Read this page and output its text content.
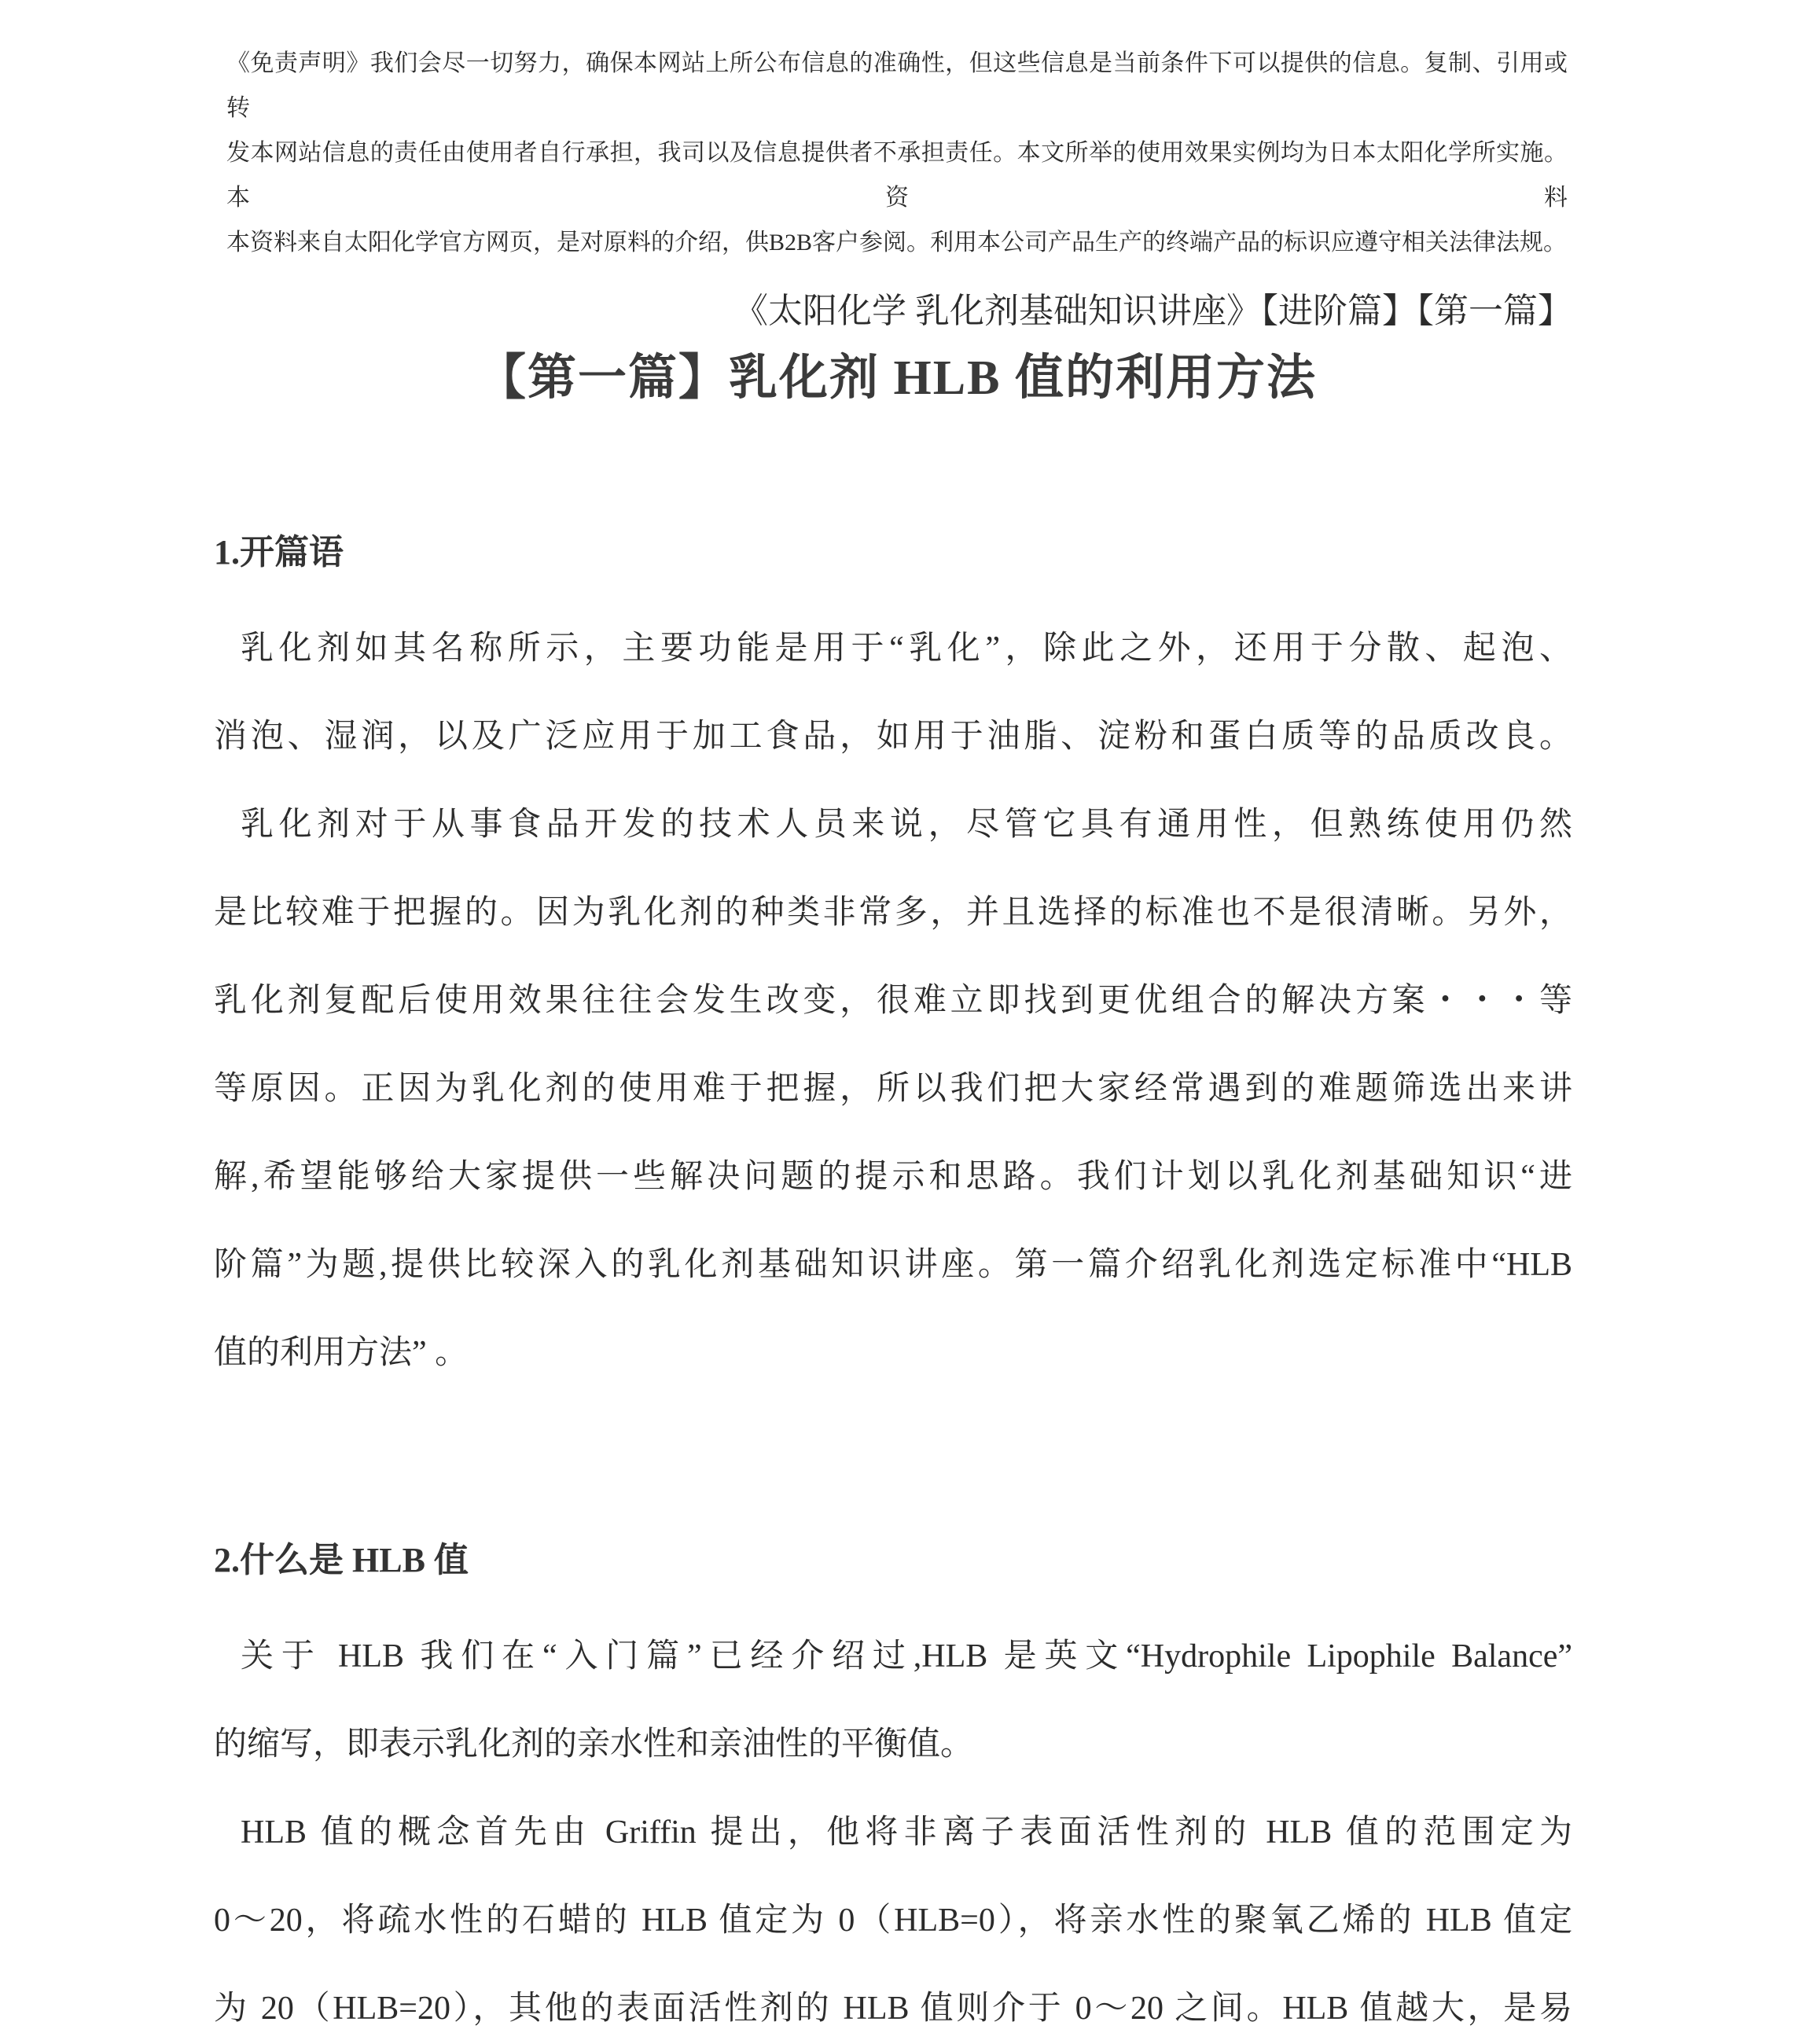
《免责声明》我们会尽一切努力，确保本网站上所公布信息的准确性，但这些信息是当前条件下可以提供的信息。复制、引用或转
发本网站信息的责任由使用者自行承担，我司以及信息提供者不承担责任。本文所举的使用效果实例均为日本太阳化学所实施。本资料
本资料来自太阳化学官方网页，是对原料的介绍，供B2B客户参阅。利用本公司产品生产的终端产品的标识应遵守相关法律法规。
《太阳化学 乳化剂基础知识讲座》【进阶篇】【第一篇】
【第一篇】乳化剂 HLB 值的利用方法
1.开篇语
乳化剂如其名称所示，主要功能是用于“乳化”，除此之外，还用于分散、起泡、
消泡、湿润，以及广泛应用于加工食品，如用于油脂、淀粉和蛋白质等的品质改良。
乳化剂对于从事食品开发的技术人员来说，尽管它具有通用性，但熟练使用仍然
是比较难于把握的。因为乳化剂的种类非常多，并且选择的标准也不是很清晰。另外，
乳化剂复配后使用效果往往会发生改变，很难立即找到更优组合的解决方案・・・等
等原因。正因为乳化剂的使用难于把握，所以我们把大家经常遇到的难题筛选出来讲
解,希望能够给大家提供一些解决问题的提示和思路。我们计划以乳化剂基础知识“进
阶篇”为题,提供比较深入的乳化剂基础知识讲座。第一篇介绍乳化剂选定标准中“HLB
值的利用方法” 。
2.什么是 HLB 值
关于 HLB 我们在“入门篇”已经介绍过,HLB 是英文“Hydrophile Lipophile Balance”
的缩写，即表示乳化剂的亲水性和亲油性的平衡值。
HLB 值的概念首先由 Griffin 提出，他将非离子表面活性剂的 HLB 值的范围定为
0～20，将疏水性的石蜡的 HLB 值定为 0（HLB=0），将亲水性的聚氧乙烯的 HLB 值定
为 20（HLB=20），其他的表面活性剂的 HLB 值则介于 0～20 之间。HLB 值越大，是易
